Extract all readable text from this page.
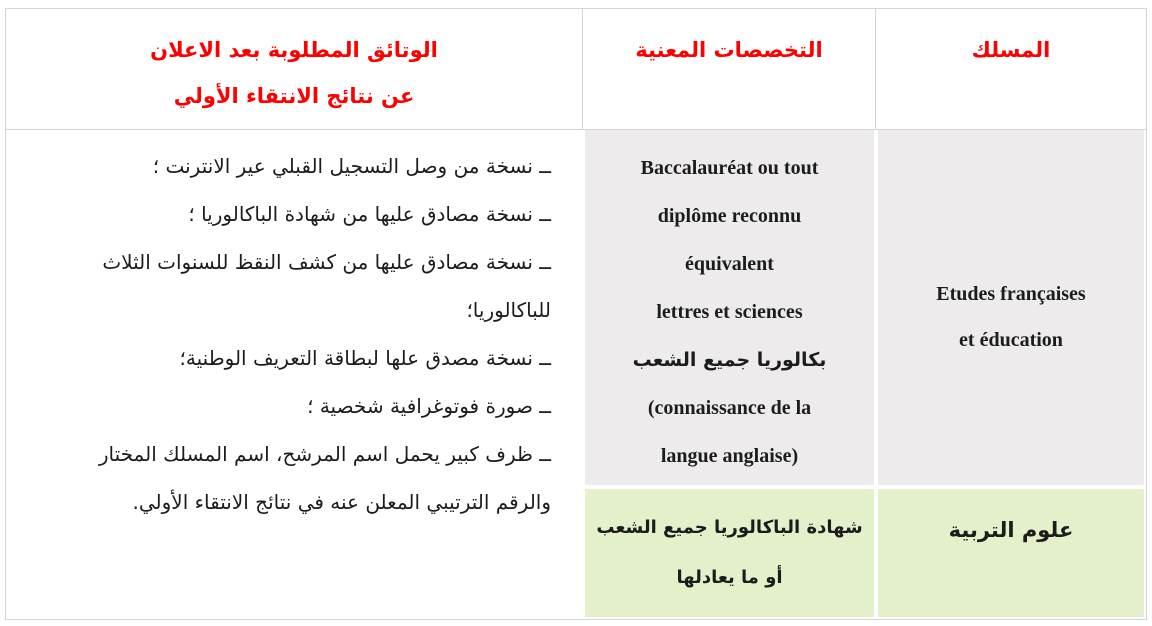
الوتائق المطلوبة بعد الاعلان
عن نتائج الانتقاء الأولي
التخصصات المعنية	المسلك
ــ نسخة من وصل التسجيل القبلي عير الانترنت ؛
ــ نسخة مصادق عليها من شهادة الباكالوريا ؛
ــ نسخة مصادق عليها من كشف النقظ للسنوات الثلاث
للباكالوريا؛
ــ نسخة مصدق علها لبطاقة التعريف الوطنية؛
ــ صورة فوتوغرافية شخصية ؛
ــ ظرف كبير يحمل اسم المرشح، اسم المسلك المختار
والرقم الترتيبي المعلن عنه في نتائج الانتقاء الأولي.
Baccalauréat ou tout
diplôme reconnu
équivalent
lettres et sciences
بكالوريا جميع الشعب
(connaissance de la
langue anglaise)
Etudes françaises
et éducation
شهادة الباكالوريا جميع الشعب
أو ما يعادلها
علوم التربية
